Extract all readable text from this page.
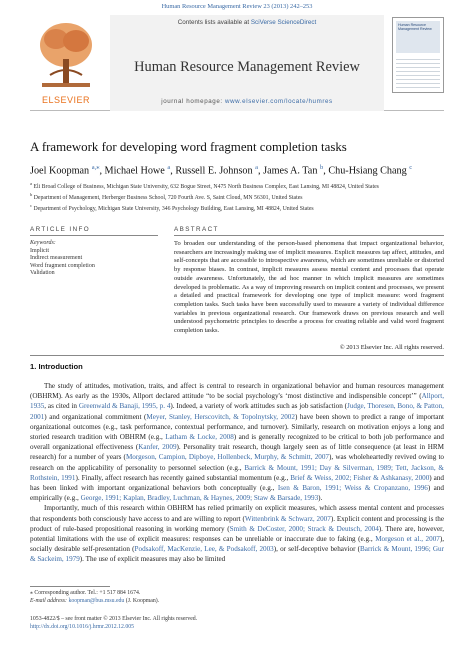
Human Resource Management Review 23 (2013) 242–253
ELSEVIER
Contents lists available at SciVerse ScienceDirect
Human Resource Management Review
journal homepage: www.elsevier.com/locate/humres
Human Resource Management Review
A framework for developing word fragment completion tasks
Joel Koopman $^{a,⁎}$, Michael Howe $^a$, Russell E. Johnson $^a$, James A. Tan $^b$, Chu-Hsiang Chang $^c$
$^a$ Eli Broad College of Business, Michigan State University, 632 Bogue Street, N475 North Business Complex, East Lansing, MI 48824, United States
$^b$ Department of Management, Herberger Business School, 720 Fourth Ave. S, Saint Cloud, MN 56301, United States
$^c$ Department of Psychology, Michigan State University, 346 Psychology Building, East Lansing, MI 48824, United States
ARTICLE INFO	ABSTRACT
Keywords:
Implicit
Indirect measurement
Word fragment completion
Validation
To broaden our understanding of the person-based phenomena that impact organizational behavior, researchers are increasingly making use of implicit measures. Explicit measures tap affect, attitudes, and self-concepts that are accessible to introspective awareness, which are sometimes unreliable or distorted by response biases. In contrast, implicit measures assess mental content and processes that operate outside awareness. Unfortunately, the ad hoc manner in which implicit measures are sometimes developed is problematic. As a way of improving research on implicit content and processes, we present a detailed and practical framework for developing one type of implicit measure: word fragment completion tasks. Such tasks have been successfully used to measure a variety of individual difference variables in previous organizational research. Our framework draws on previous research and well understood psychometric principles to describe a process for creating reliable and valid word fragment completion tasks.
© 2013 Elsevier Inc. All rights reserved.
1. Introduction

The study of attitudes, motivation, traits, and affect is central to research in organizational behavior and human resources management (OBHRM). As early as the 1930s, Allport declared attitude “to be social psychology's ‘most distinctive and indispensible concept’” (Allport, 1935, as cited in Greenwald & Banaji, 1995, p. 4). Indeed, a variety of work attitudes such as job satisfaction (Judge, Thoresen, Bono, & Patton, 2001) and organizational commitment (Meyer, Stanley, Herscovitch, & Topolnytsky, 2002) have been shown to predict a range of important organizational outcomes (e.g., task performance, contextual performance, and turnover). Similarly, research on motivation enjoys a long and storied research tradition with OBHRM (e.g., Latham & Locke, 2008) and is generally recognized to be critical to both job performance and overall organizational effectiveness (Kanfer, 2009). Personality trait research, though largely seen as of little consequence (at least in HRM research) for a number of years (Morgeson, Campion, Dipboye, Hollenbeck, Murphy, & Schmitt, 2007), was wholeheartedly revived owing to research on the applicability of personality to personnel selection (e.g., Barrick & Mount, 1991; Day & Silverman, 1989; Tett, Jackson, & Rothstein, 1991). Finally, affect research has recently gained substantial momentum (e.g., Brief & Weiss, 2002; Fisher & Ashkanasy, 2000) and has been linked with important organizational behaviors both conceptually (e.g., Isen & Baron, 1991; Weiss & Cropanzano, 1996) and empirically (e.g., George, 1991; Kaplan, Bradley, Luchman, & Haynes, 2009; Staw & Barsade, 1993).

Importantly, much of this research within OBHRM has relied primarily on explicit measures, which assess mental content and processes that respondents both consciously have access to and are willing to report (Wittenbrink & Schwarz, 2007). Explicit content and processing is the product of rule-based propositional reasoning in working memory (Smith & DeCoster, 2000; Strack & Deutsch, 2004). There are, however, potential limitations with the use of explicit measures: responses can be unreliable or inaccurate due to faking (e.g., Morgeson et al., 2007), socially desirable self-presentation (Podsakoff, MacKenzie, Lee, & Podsakoff, 2003), or self-deceptive behavior (Barrick & Mount, 1996; Gur & Sackeim, 1979). The use of explicit measures may also be limited

⁎ Corresponding author. Tel.: +1 517 884 1674.
E-mail address: koopman@bus.msu.edu (J. Koopman).
1053-4822/$ – see front matter © 2013 Elsevier Inc. All rights reserved.
http://dx.doi.org/10.1016/j.hrmr.2012.12.005
